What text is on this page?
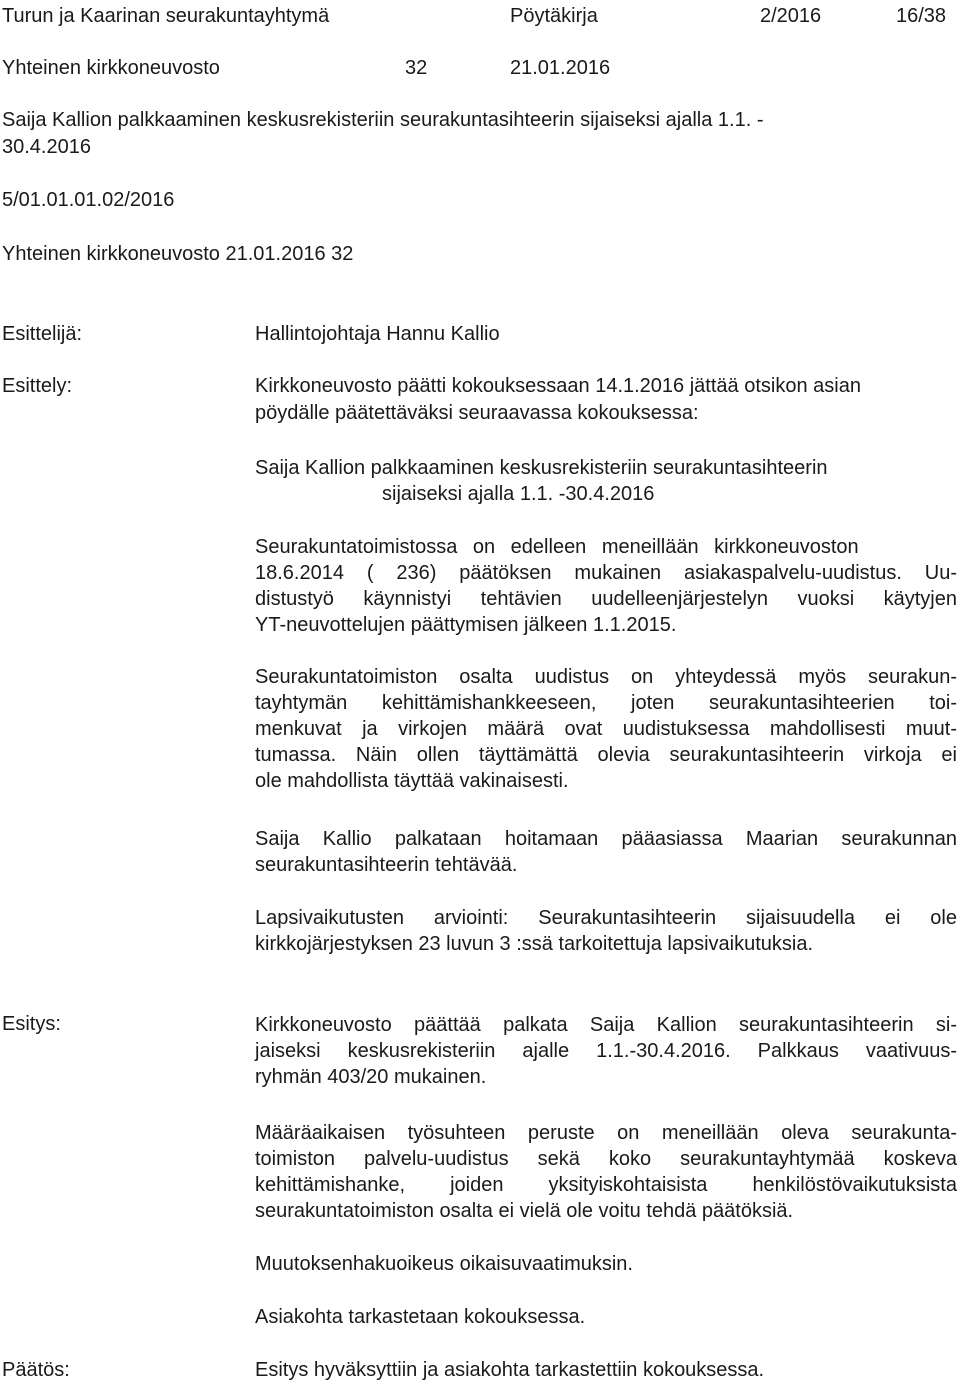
Turun ja Kaarinan seurakuntayhtymä	Pöytäkirja	2/2016	16/38
Yhteinen kirkkoneuvosto	32	21.01.2016
Saija Kallion palkkaaminen keskusrekisteriin seurakuntasihteerin sijaiseksi ajalla 1.1. -
30.4.2016
5/01.01.01.02/2016
Yhteinen kirkkoneuvosto 21.01.2016 32
Esittelijä:	Hallintojohtaja Hannu Kallio
Esittely:	Kirkkoneuvosto päätti kokouksessaan 14.1.2016 jättää otsikon asian
pöydälle päätettäväksi seuraavassa kokouksessa:
Saija Kallion palkkaaminen keskusrekisteriin seurakuntasihteerin
sijaiseksi ajalla 1.1. -30.4.2016
Seurakuntatoimistossa on edelleen meneillään kirkkoneuvoston
18.6.2014 ( 236) päätöksen mukainen asiakaspalvelu-uudistus. Uu-
distustyö käynnistyi tehtävien uudelleenjärjestelyn vuoksi käytyjen
YT-neuvottelujen päättymisen jälkeen 1.1.2015.
Seurakuntatoimiston osalta uudistus on yhteydessä myös seurakun-
tayhtymän kehittämishankkeeseen, joten seurakuntasihteerien toi-
menkuvat ja virkojen määrä ovat uudistuksessa mahdollisesti muut-
tumassa. Näin ollen täyttämättä olevia seurakuntasihteerin virkoja ei
ole mahdollista täyttää vakinaisesti.
Saija Kallio palkataan hoitamaan pääasiassa Maarian seurakunnan
seurakuntasihteerin tehtävää.
Lapsivaikutusten arviointi: Seurakuntasihteerin sijaisuudella ei ole
kirkkojärjestyksen 23 luvun 3 :ssä tarkoitettuja lapsivaikutuksia.
Esitys:	Kirkkoneuvosto päättää palkata Saija Kallion seurakuntasihteerin si-
jaiseksi keskusrekisteriin ajalle 1.1.-30.4.2016. Palkkaus vaativuus-
ryhmän 403/20 mukainen.
Määräaikaisen työsuhteen peruste on meneillään oleva seurakunta-
toimiston palvelu-uudistus sekä koko seurakuntayhtymää koskeva
kehittämishanke, joiden yksityiskohtaisista henkilöstövaikutuksista
seurakuntatoimiston osalta ei vielä ole voitu tehdä päätöksiä.
Muutoksenhakuoikeus oikaisuvaatimuksin.
Asiakohta tarkastetaan kokouksessa.
Päätös:	Esitys hyväksyttiin ja asiakohta tarkastettiin kokouksessa.
